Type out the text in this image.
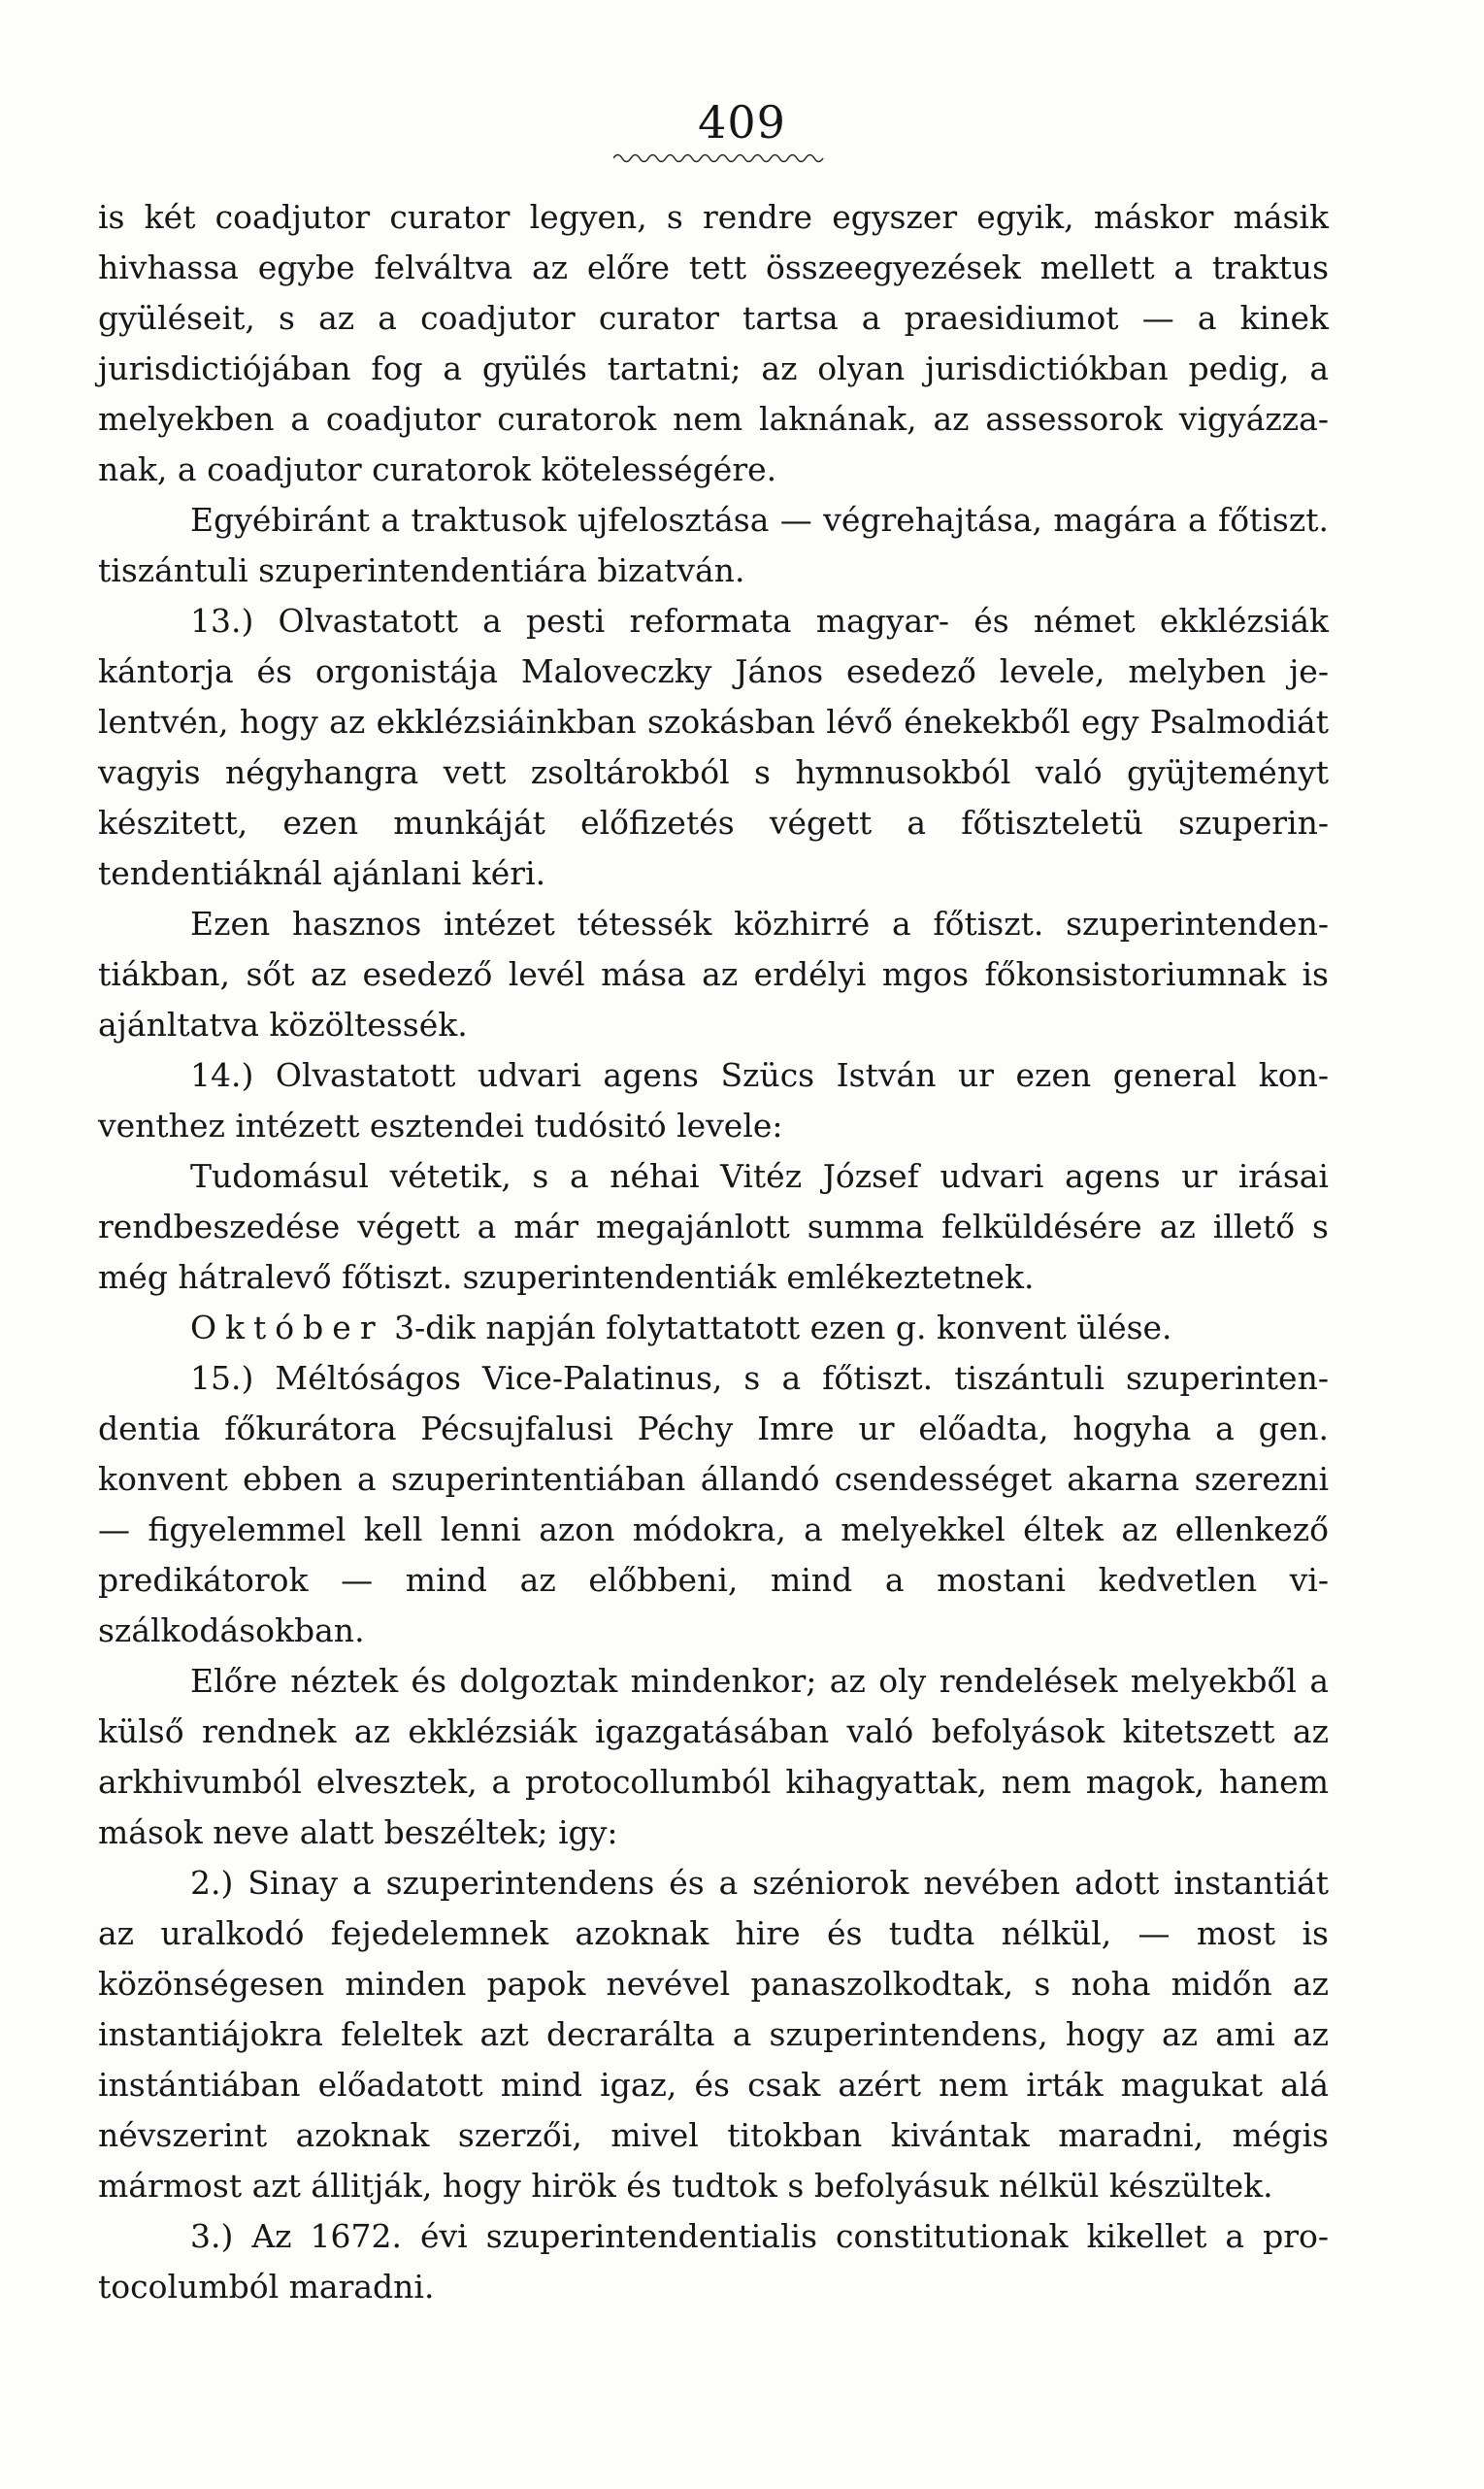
409

is két coadjutor curator legyen, s rendre egyszer egyik, máskor másik hivhassa egybe felváltva az előre tett összeegyezések mellett a traktus gyüléseit, s az a coadjutor curator tartsa a praesidiumot — a kinek jurisdictiójában fog a gyülés tartatni; az olyan jurisdictiókban pedig, a melyekben a coadjutor curatorok nem laknának, az assessorok vigyázzanak, a coadjutor curatorok kötelességére.

Egyébiránt a traktusok ujfelosztása — végrehajtása, magára a főtiszt. tiszántuli szuperintendentiára bizatván.

13.) Olvastatott a pesti reformata magyar- és német ekklézsiák kántorja és orgonistája Maloveczky János esedező levele, melyben jelentvén, hogy az ekklézsiáinkban szokásban lévő énekekből egy Psalmodiát vagyis négyhangra vett zsoltárokból s hymnusokból való gyüjteményt készitett, ezen munkáját előfizetés végett a főtiszteletü szuperintendentiáknál ajánlani kéri.

Ezen hasznos intézet tétessék közhirré a főtiszt. szuperintendentiákban, sőt az esedező levél mása az erdélyi mgos főkonsistoriumnak is ajánltatva közöltessék.

14.) Olvastatott udvari agens Szücs István ur ezen general konventhez intézett esztendei tudósitó levele:

Tudomásul vétetik, s a néhai Vitéz József udvari agens ur irásai rendbeszedése végett a már megajánlott summa felküldésére az illető s még hátralevő főtiszt. szuperintendentiák emlékeztetnek.

Október 3-dik napján folytattatott ezen g. konvent ülése.

15.) Méltóságos Vice-Palatinus, s a főtiszt. tiszántuli szuperintendentia főkurátora Pécsujfalusi Péchy Imre ur előadta, hogyha a gen. konvent ebben a szuperintentiában állandó csendességet akarna szerezni — figyelemmel kell lenni azon módokra, a melyekkel éltek az ellenkező predikátorok — mind az előbbeni, mind a mostani kedvetlen viszálkodásokban.

Előre néztek és dolgoztak mindenkor; az oly rendelések melyekből a külső rendnek az ekklézsiák igazgatásában való befolyások kitetszett az arkhivumból elvesztek, a protocollumból kihagyattak, nem magok, hanem mások neve alatt beszéltek; igy:

2.) Sinay a szuperintendens és a széniorok nevében adott instantiát az uralkodó fejedelemnek azoknak hire és tudta nélkül, — most is közönségesen minden papok nevével panaszolkodtak, s noha midőn az instantiájokra feleltek azt decrarálta a szuperintendens, hogy az ami az instántiában előadatott mind igaz, és csak azért nem irták magukat alá névszerint azoknak szerzői, mivel titokban kivántak maradni, mégis mármost azt állitják, hogy hirök és tudtok s befolyásuk nélkül készültek.

3.) Az 1672. évi szuperintendentialis constitutionak kikellet a protocolumból maradni.
